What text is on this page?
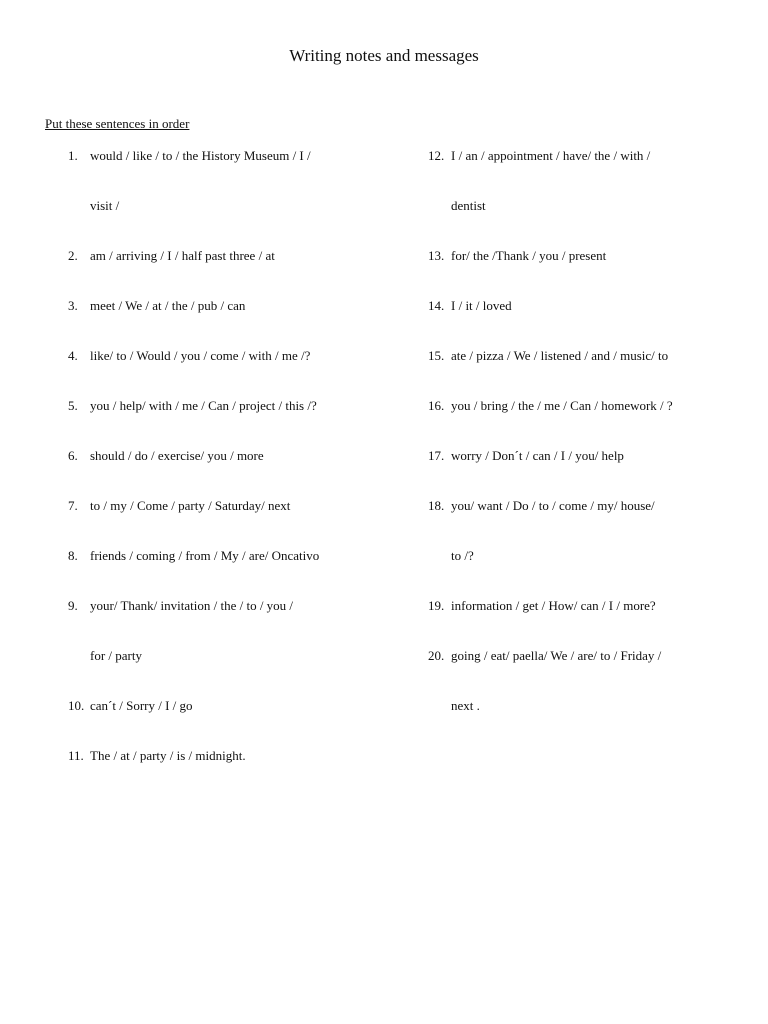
Writing notes and messages
Put these sentences in order
1. would / like / to / the History Museum / I /
visit /
2. am / arriving / I / half past three / at
3. meet / We / at / the / pub / can
4. like/ to / Would / you / come / with / me /?
5. you / help/ with / me / Can / project / this /?
6. should / do / exercise/ you / more
7. to / my / Come / party / Saturday/ next
8. friends / coming / from / My / are/ Oncativo
9. your/ Thank/ invitation / the / to / you /
for / party
10. can´t / Sorry / I / go
11. The / at / party / is / midnight.
12. I / an / appointment / have/ the / with /
dentist
13. for/ the /Thank / you / present
14. I / it / loved
15. ate / pizza / We / listened / and / music/ to
16. you / bring / the / me / Can / homework / ?
17. worry / Don´t / can / I / you/ help
18. you/ want / Do / to / come / my/ house/
to /?
19. information / get / How/ can / I / more?
20. going / eat/ paella/ We / are/ to / Friday /
next .
